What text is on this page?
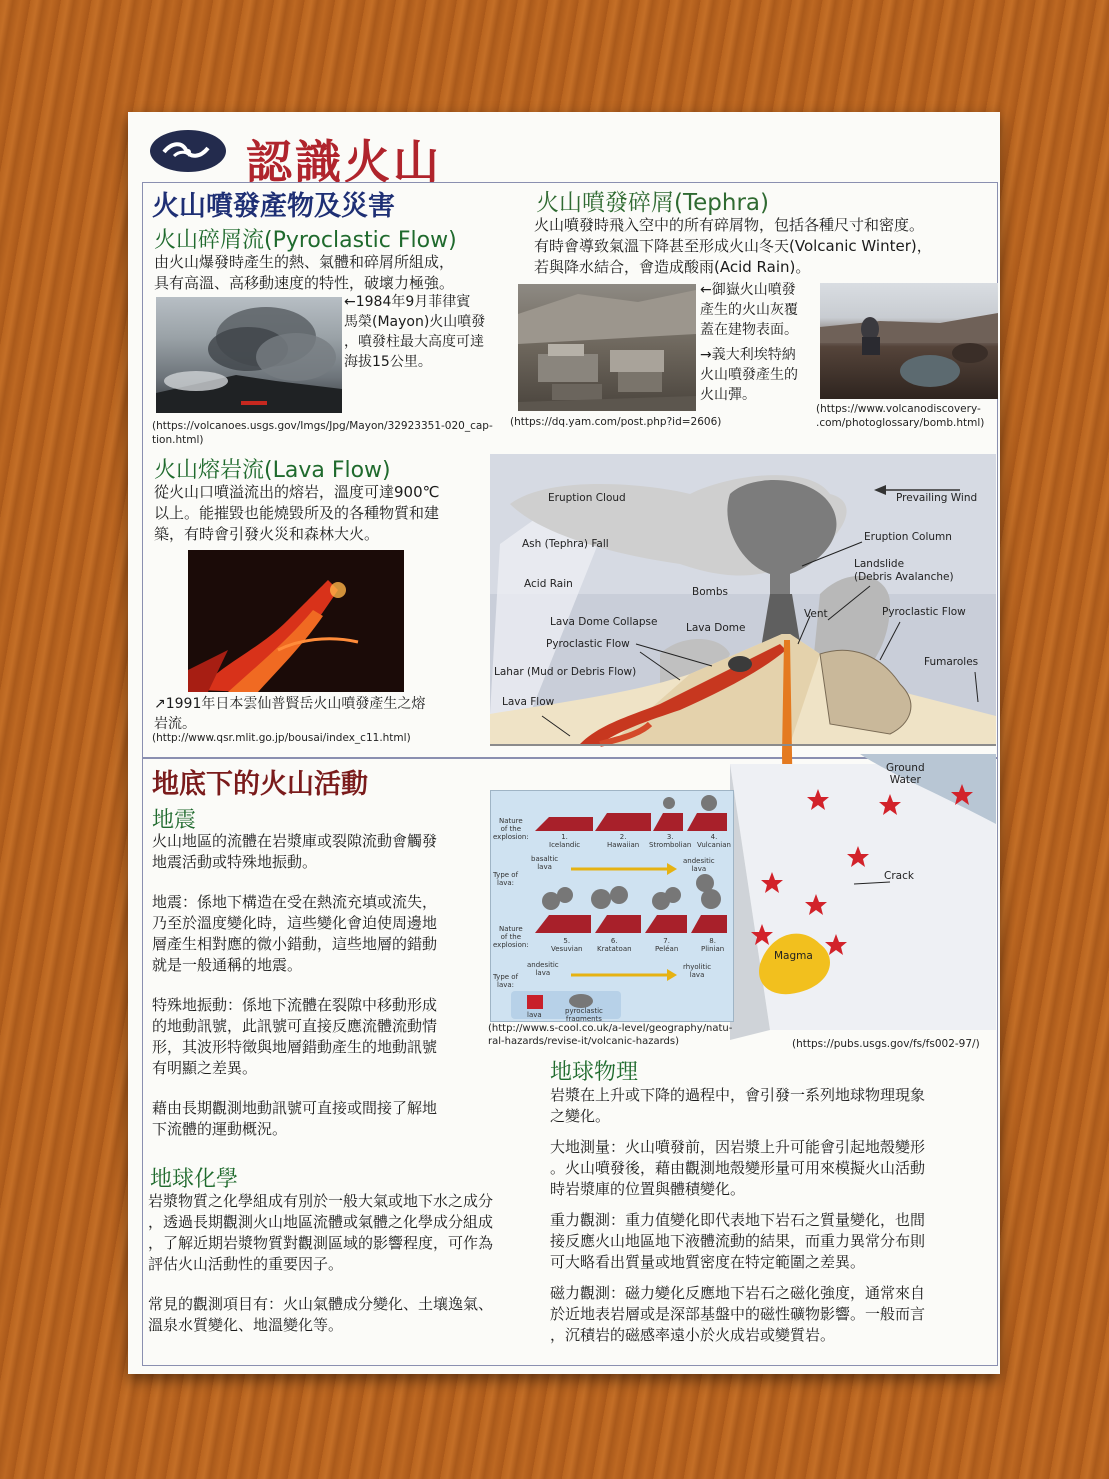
認識火山
火山噴發產物及災害
火山碎屑流(Pyroclastic Flow)
由火山爆發時產生的熱、氣體和碎屑所組成，
具有高溫、高移動速度的特性，破壞力極強。
←1984年9月菲律賓
馬榮(Mayon)火山噴發
，噴發柱最大高度可達
海拔15公里。
(https://volcanoes.usgs.gov/Imgs/Jpg/Mayon/32923351-020_cap-
tion.html)
火山噴發碎屑(Tephra)
火山噴發時飛入空中的所有碎屑物，包括各種尺寸和密度。
有時會導致氣溫下降甚至形成火山冬天(Volcanic Winter)，
若與降水結合，會造成酸雨(Acid Rain)。
←御嶽火山噴發
產生的火山灰覆
蓋在建物表面。
→義大利埃特納
火山噴發產生的
火山彈。
(https://dq.yam.com/post.php?id=2606)
(https://www.volcanodiscovery-
.com/photoglossary/bomb.html)
火山熔岩流(Lava Flow)
從火山口噴溢流出的熔岩，溫度可達900℃
以上。能摧毀也能燒毀所及的各種物質和建
築，有時會引發火災和森林大火。
↗1991年日本雲仙普賢岳火山噴發產生之熔
岩流。
(http://www.qsr.mlit.go.jp/bousai/index_c11.html)
Eruption Cloud	Prevailing Wind
Eruption Column
Ash (Tephra) Fall
Landslide
(Debris Avalanche)
Acid Rain
Bombs
Vent	Pyroclastic Flow
Lava Dome Collapse	Lava Dome
Pyroclastic Flow
Fumaroles
Lahar (Mud or Debris Flow)
Lava Flow
Ground
Water
Crack
Magma
(https://pubs.usgs.gov/fs/fs002-97/)

Nature
of the
explosion:

	1.
Icelandic
2.
Hawaiian
3.
Strombolian
4.
Vulcanian

Type of
lava:

basaltic
lava
andesitic
lava

Nature
of the
explosion:

	5.
Vesuvian
6.
Kratatoan
7.
Peléan
8.
Plinian

Type of
lava:

andesitic
lava
rhyolitic
lava
lava	pyroclastic
fragments
(http://www.s-cool.co.uk/a-level/geography/natu-
ral-hazards/revise-it/volcanic-hazards)
地底下的火山活動
地震
火山地區的流體在岩漿庫或裂隙流動會觸發
地震活動或特殊地振動。
地震：係地下構造在受在熱流充填或流失，
乃至於溫度變化時，這些變化會迫使周邊地
層產生相對應的微小錯動，這些地層的錯動
就是一般通稱的地震。
特殊地振動：係地下流體在裂隙中移動形成
的地動訊號，此訊號可直接反應流體流動情
形，其波形特徵與地層錯動產生的地動訊號
有明顯之差異。
藉由長期觀測地動訊號可直接或間接了解地
下流體的運動概況。
地球化學
岩漿物質之化學組成有別於一般大氣或地下水之成分
，透過長期觀測火山地區流體或氣體之化學成分組成
，了解近期岩漿物質對觀測區域的影響程度，可作為
評估火山活動性的重要因子。
常見的觀測項目有：火山氣體成分變化、土壤逸氣、
溫泉水質變化、地溫變化等。
地球物理
岩漿在上升或下降的過程中，會引發一系列地球物理現象
之變化。
大地測量：火山噴發前，因岩漿上升可能會引起地殼變形
。火山噴發後，藉由觀測地殼變形量可用來模擬火山活動
時岩漿庫的位置與體積變化。
重力觀測：重力值變化即代表地下岩石之質量變化，也間
接反應火山地區地下液體流動的結果，而重力異常分布則
可大略看出質量或地質密度在特定範圍之差異。
磁力觀測：磁力變化反應地下岩石之磁化強度，通常來自
於近地表岩層或是深部基盤中的磁性礦物影響。一般而言
，沉積岩的磁感率遠小於火成岩或變質岩。
